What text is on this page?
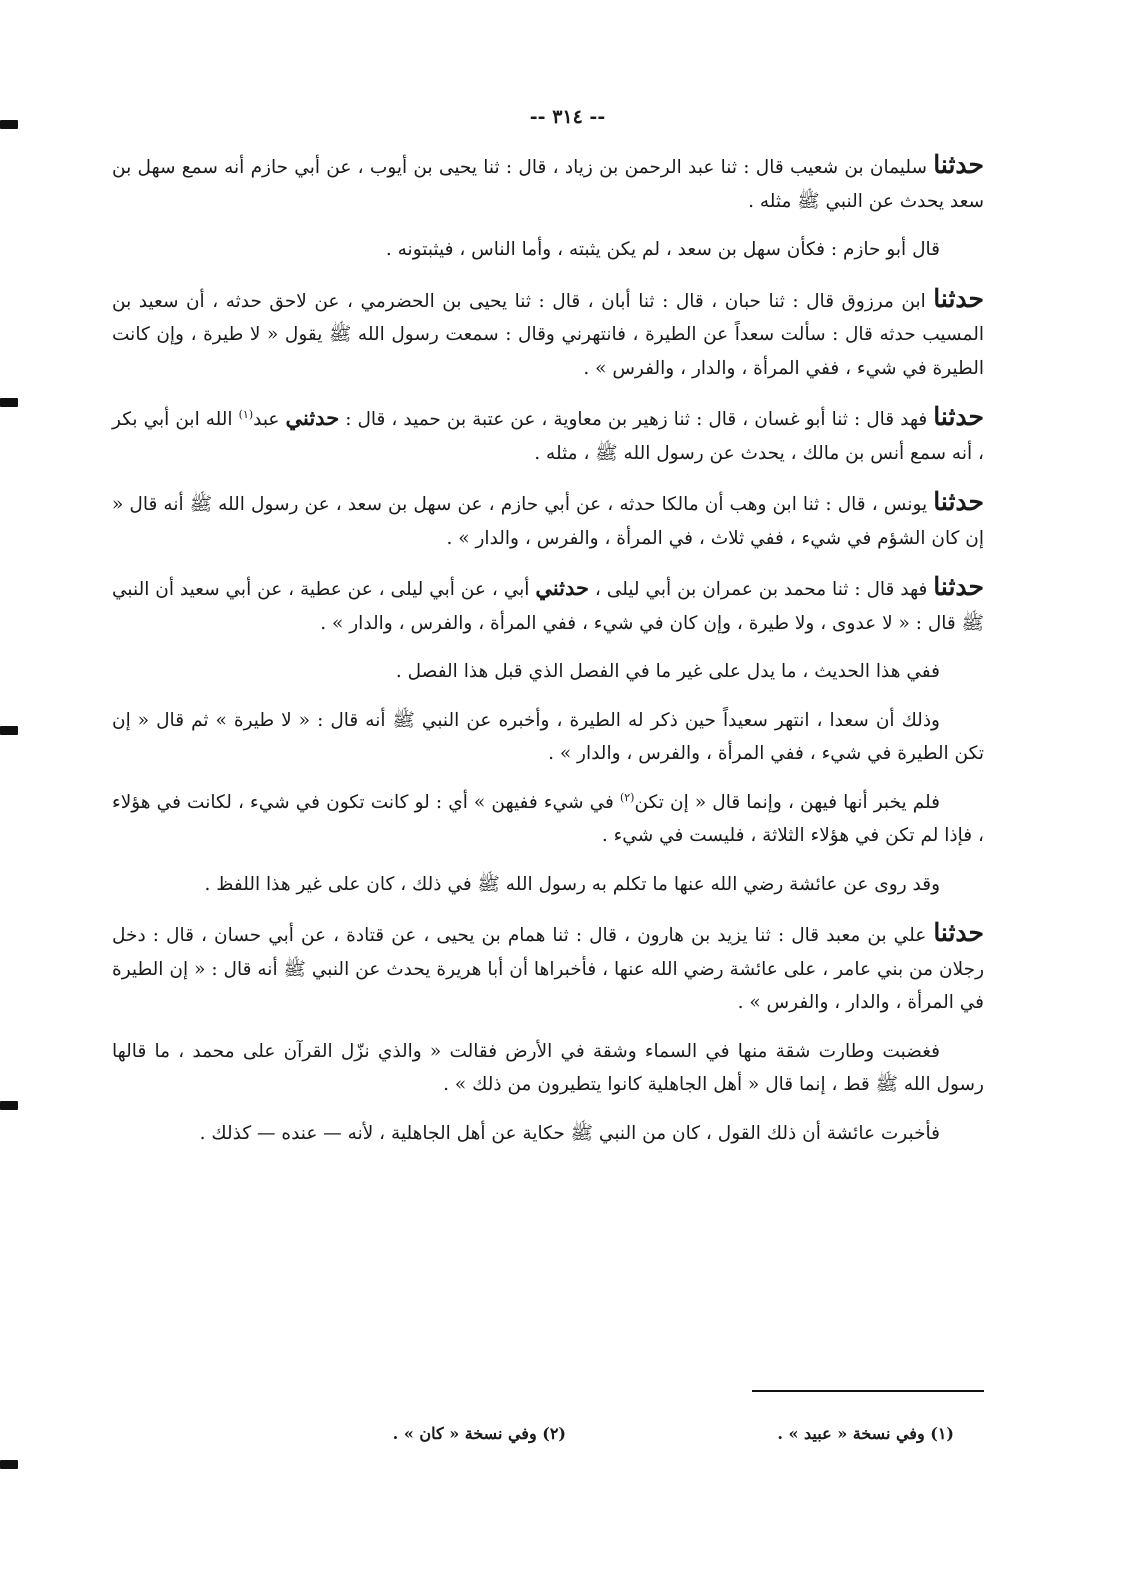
-- ٣١٤ --

حدثنا سليمان بن شعيب قال : ثنا عبد الرحمن بن زياد ، قال : ثنا يحيى بن أيوب ، عن أبي حازم أنه سمع سهل بن سعد يحدث عن النبي ﷺ مثله .

قال أبو حازم : فكأن سهل بن سعد ، لم يكن يثبته ، وأما الناس ، فيثبتونه .

حدثنا ابن مرزوق قال : ثنا حبان ، قال : ثنا أبان ، قال : ثنا يحيى بن الحضرمي ، عن لاحق حدثه ، أن سعيد بن المسيب حدثه قال : سألت سعداً عن الطيرة ، فانتهرني وقال : سمعت رسول الله ﷺ يقول « لا طيرة ، وإن كانت الطيرة في شيء ، ففي المرأة ، والدار ، والفرس » .

حدثنا فهد قال : ثنا أبو غسان ، قال : ثنا زهير بن معاوية ، عن عتبة بن حميد ، قال : حدثني عبد$^{(١)}$ الله ابن أبي بكر ، أنه سمع أنس بن مالك ، يحدث عن رسول الله ﷺ ، مثله .

حدثنا يونس ، قال : ثنا ابن وهب أن مالكا حدثه ، عن أبي حازم ، عن سهل بن سعد ، عن رسول الله ﷺ أنه قال « إن كان الشؤم في شيء ، ففي ثلاث ، في المرأة ، والفرس ، والدار » .

حدثنا فهد قال : ثنا محمد بن عمران بن أبي ليلى ، حدثني أبي ، عن أبي ليلى ، عن عطية ، عن أبي سعيد أن النبي ﷺ قال : « لا عدوى ، ولا طيرة ، وإن كان في شيء ، ففي المرأة ، والفرس ، والدار » .

ففي هذا الحديث ، ما يدل على غير ما في الفصل الذي قبل هذا الفصل .

وذلك أن سعدا ، انتهر سعيداً حين ذكر له الطيرة ، وأخبره عن النبي ﷺ أنه قال : « لا طيرة » ثم قال « إن تكن الطيرة في شيء ، ففي المرأة ، والفرس ، والدار » .

فلم يخبر أنها فيهن ، وإنما قال « إن تكن$^{(٢)}$ في شيء ففيهن » أي : لو كانت تكون في شيء ، لكانت في هؤلاء ، فإذا لم تكن في هؤلاء الثلاثة ، فليست في شيء .

وقد روى عن عائشة رضي الله عنها ما تكلم به رسول الله ﷺ في ذلك ، كان على غير هذا اللفظ .

حدثنا علي بن معبد قال : ثنا يزيد بن هارون ، قال : ثنا همام بن يحيى ، عن قتادة ، عن أبي حسان ، قال : دخل رجلان من بني عامر ، على عائشة رضي الله عنها ، فأخبراها أن أبا هريرة يحدث عن النبي ﷺ أنه قال : « إن الطيرة في المرأة ، والدار ، والفرس » .

فغضبت وطارت شقة منها في السماء وشقة في الأرض فقالت « والذي نزّل القرآن على محمد ، ما قالها رسول الله ﷺ قط ، إنما قال « أهل الجاهلية كانوا يتطيرون من ذلك » .

فأخبرت عائشة أن ذلك القول ، كان من النبي ﷺ حكاية عن أهل الجاهلية ، لأنه — عنده — كذلك .

(١) وفي نسخة « عبيد » .
(٢) وفي نسخة « كان » .
